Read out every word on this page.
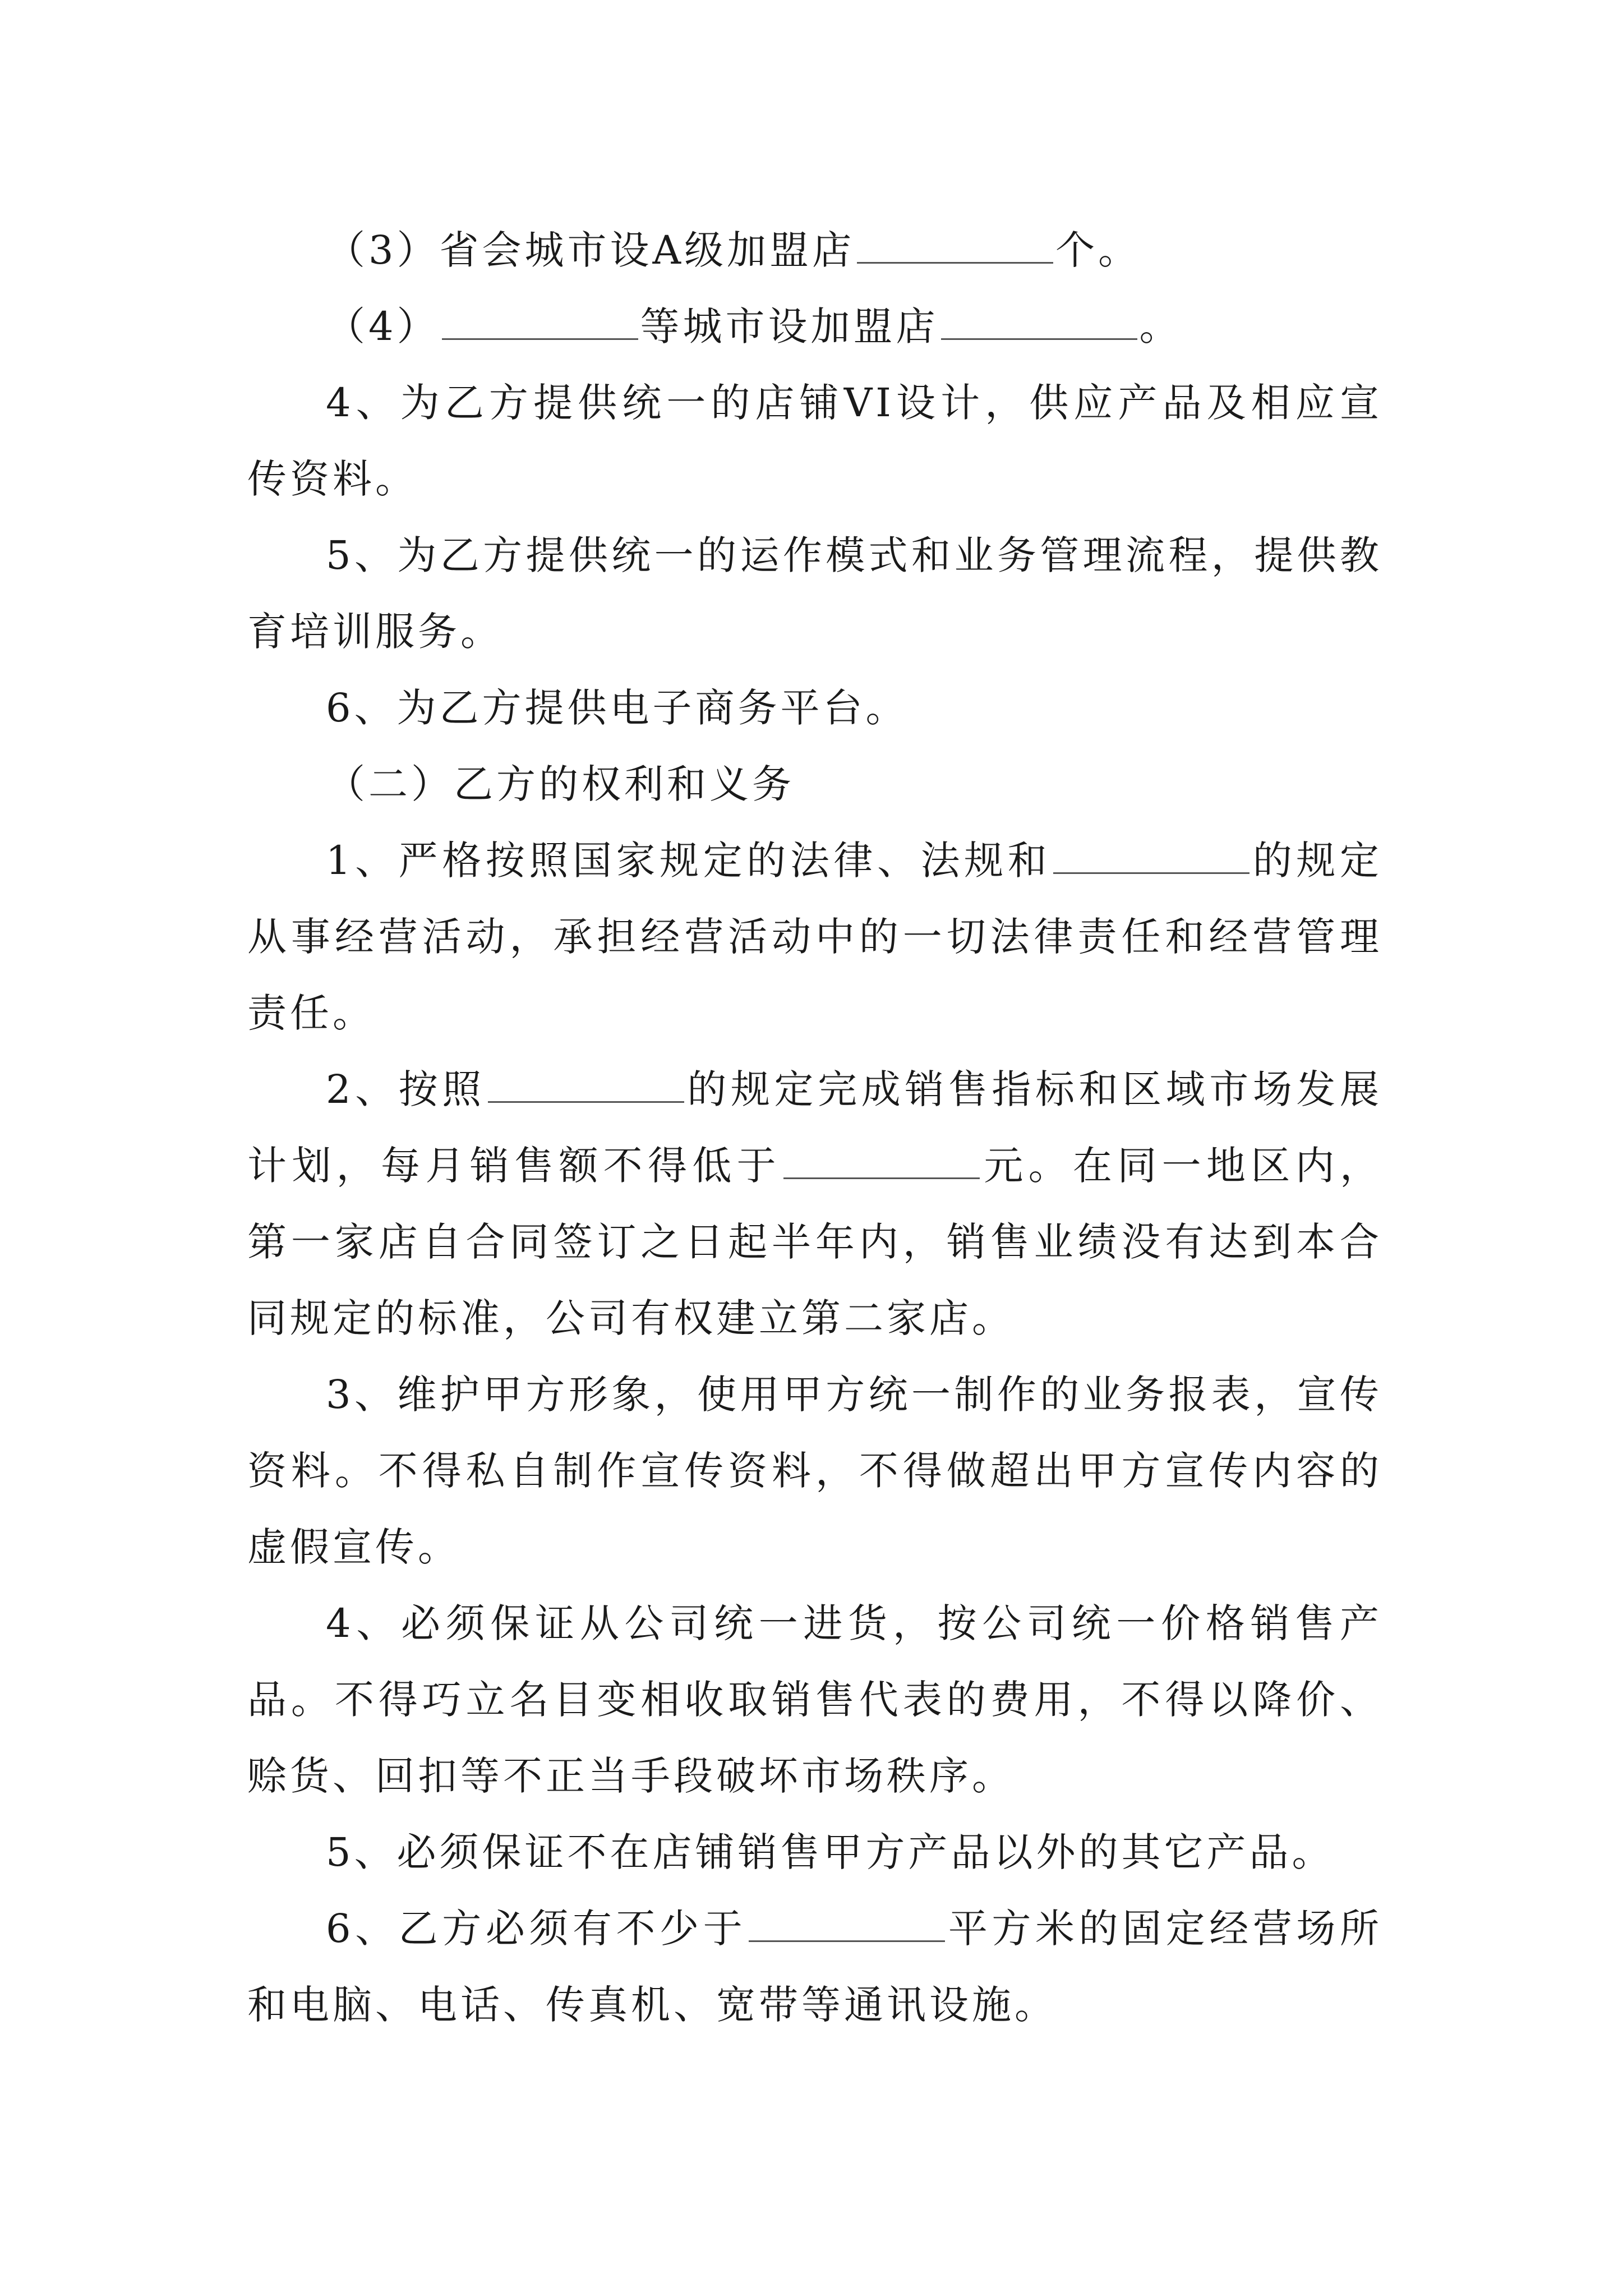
（3）省会城市设A级加盟店	个。

（4）	等城市设加盟店	。

4、为乙方提供统一的店铺VI设计，供应产品及相应宣传资料。

5、为乙方提供统一的运作模式和业务管理流程，提供教育培训服务。

6、为乙方提供电子商务平台。

（二）乙方的权利和义务

1、严格按照国家规定的法律、法规和	的规定从事经营活动，承担经营活动中的一切法律责任和经营管理责任。

2、按照	的规定完成销售指标和区域市场发展计划，每月销售额不得低于	元。在同一地区内，第一家店自合同签订之日起半年内，销售业绩没有达到本合同规定的标准，公司有权建立第二家店。

3、维护甲方形象，使用甲方统一制作的业务报表，宣传资料。不得私自制作宣传资料，不得做超出甲方宣传内容的虚假宣传。

4、必须保证从公司统一进货，按公司统一价格销售产品。不得巧立名目变相收取销售代表的费用，不得以降价、赊货、回扣等不正当手段破坏市场秩序。

5、必须保证不在店铺销售甲方产品以外的其它产品。

6、乙方必须有不少于	平方米的固定经营场所和电脑、电话、传真机、宽带等通讯设施。
